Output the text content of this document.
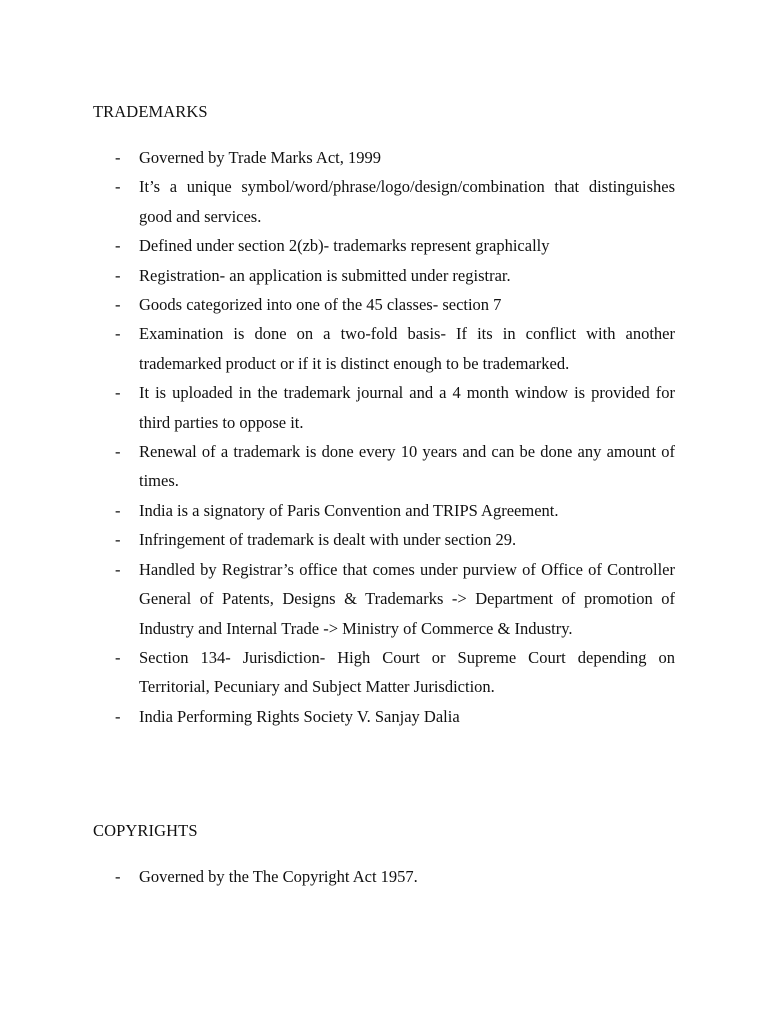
TRADEMARKS
-	Governed by Trade Marks Act, 1999
-	It’s a unique symbol/word/phrase/logo/design/combination that distinguishes good and services.
-	Defined under section 2(zb)- trademarks represent graphically
-	Registration- an application is submitted under registrar.
-	Goods categorized into one of the 45 classes- section 7
-	Examination is done on a two-fold basis- If its in conflict with another trademarked product or if it is distinct enough to be trademarked.
-	It is uploaded in the trademark journal and a 4 month window is provided for third parties to oppose it.
-	Renewal of a trademark is done every 10 years and can be done any amount of times.
-	India is a signatory of Paris Convention and TRIPS Agreement.
-	Infringement of trademark is dealt with under section 29.
-	Handled by Registrar’s office that comes under purview of Office of Controller General of Patents, Designs & Trademarks -> Department of promotion of Industry and Internal Trade -> Ministry of Commerce & Industry.
-	Section 134- Jurisdiction- High Court or Supreme Court depending on Territorial, Pecuniary and Subject Matter Jurisdiction.
-	India Performing Rights Society V. Sanjay Dalia
COPYRIGHTS
-	Governed by the The Copyright Act 1957.
